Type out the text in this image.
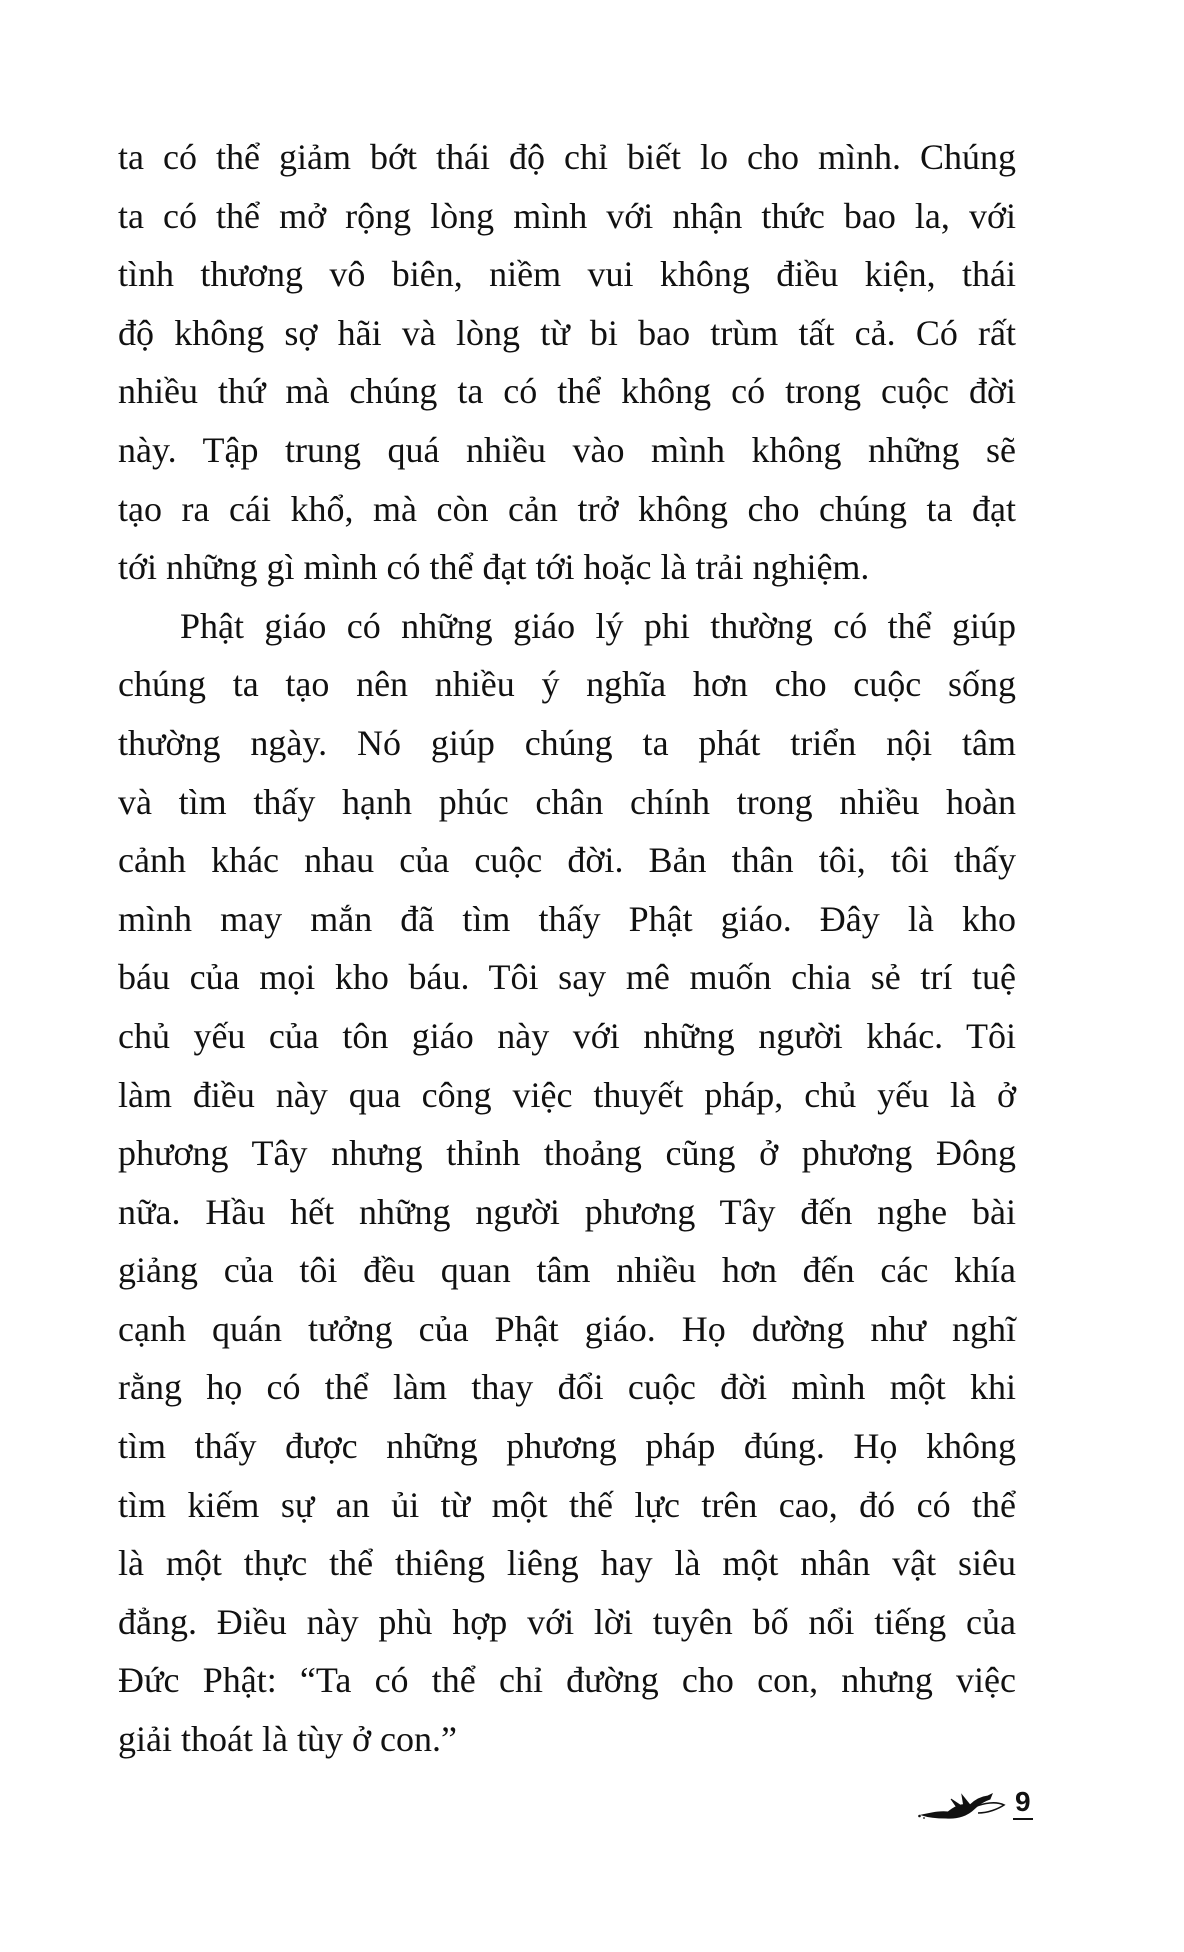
ta có thể giảm bớt thái độ chỉ biết lo cho mình. Chúng
ta có thể mở rộng lòng mình với nhận thức bao la, với
tình thương vô biên, niềm vui không điều kiện, thái
độ không sợ hãi và lòng từ bi bao trùm tất cả. Có rất
nhiều thứ mà chúng ta có thể không có trong cuộc đời
này. Tập trung quá nhiều vào mình không những sẽ
tạo ra cái khổ, mà còn cản trở không cho chúng ta đạt
tới những gì mình có thể đạt tới hoặc là trải nghiệm.
Phật giáo có những giáo lý phi thường có thể giúp
chúng ta tạo nên nhiều ý nghĩa hơn cho cuộc sống
thường ngày. Nó giúp chúng ta phát triển nội tâm
và tìm thấy hạnh phúc chân chính trong nhiều hoàn
cảnh khác nhau của cuộc đời. Bản thân tôi, tôi thấy
mình may mắn đã tìm thấy Phật giáo. Đây là kho
báu của mọi kho báu. Tôi say mê muốn chia sẻ trí tuệ
chủ yếu của tôn giáo này với những người khác. Tôi
làm điều này qua công việc thuyết pháp, chủ yếu là ở
phương Tây nhưng thỉnh thoảng cũng ở phương Đông
nữa. Hầu hết những người phương Tây đến nghe bài
giảng của tôi đều quan tâm nhiều hơn đến các khía
cạnh quán tưởng của Phật giáo. Họ dường như nghĩ
rằng họ có thể làm thay đổi cuộc đời mình một khi
tìm thấy được những phương pháp đúng. Họ không
tìm kiếm sự an ủi từ một thế lực trên cao, đó có thể
là một thực thể thiêng liêng hay là một nhân vật siêu
đẳng. Điều này phù hợp với lời tuyên bố nổi tiếng của
Đức Phật: “Ta có thể chỉ đường cho con, nhưng việc
giải thoát là tùy ở con.”
9
